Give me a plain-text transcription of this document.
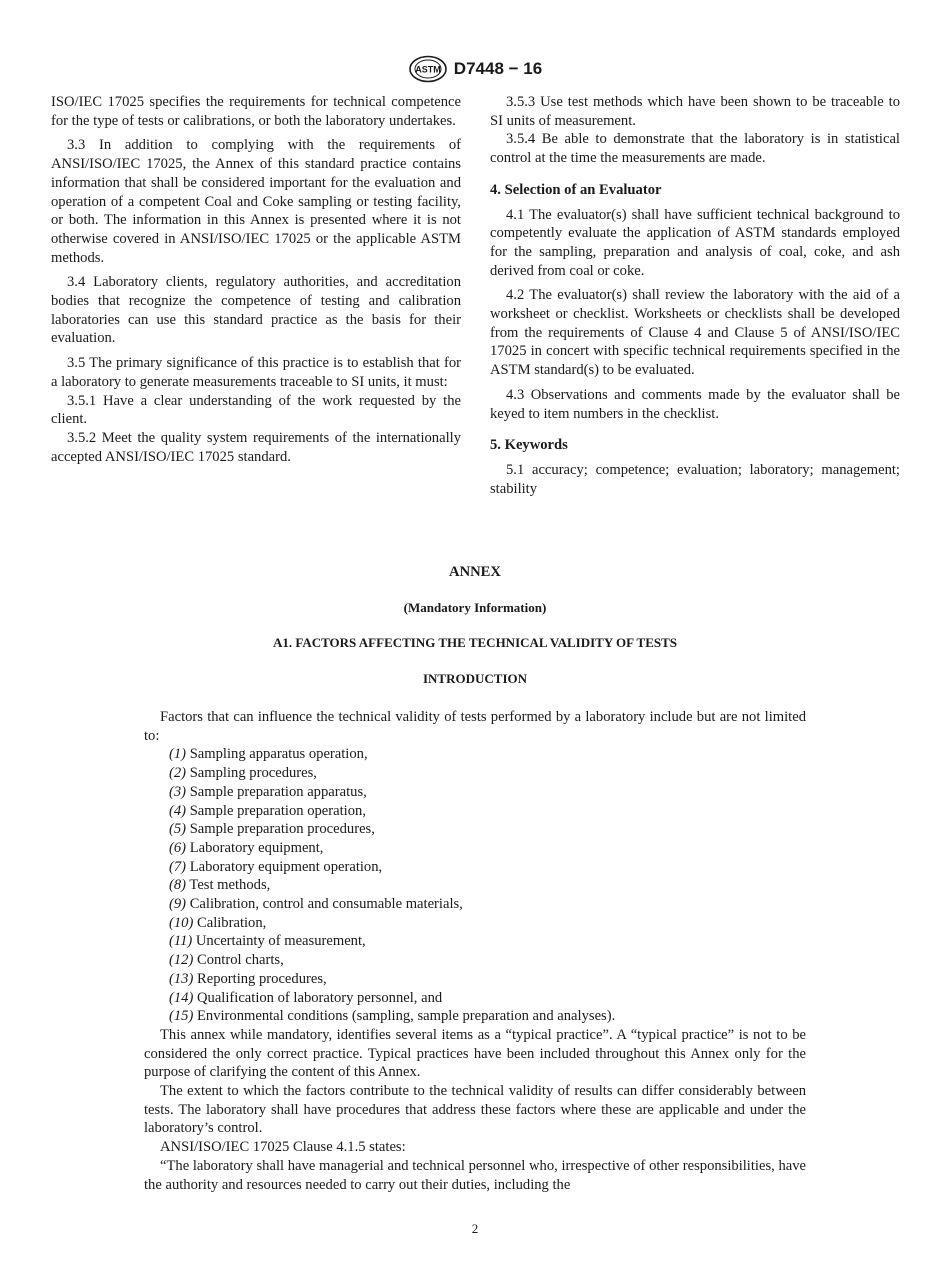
ASTM D7448 − 16

ISO/IEC 17025 specifies the requirements for technical competence for the type of tests or calibrations, or both the laboratory undertakes.

3.3 In addition to complying with the requirements of ANSI/ISO/IEC 17025, the Annex of this standard practice contains information that shall be considered important for the evaluation and operation of a competent Coal and Coke sampling or testing facility, or both. The information in this Annex is presented where it is not otherwise covered in ANSI/ISO/IEC 17025 or the applicable ASTM methods.

3.4 Laboratory clients, regulatory authorities, and accreditation bodies that recognize the competence of testing and calibration laboratories can use this standard practice as the basis for their evaluation.

3.5 The primary significance of this practice is to establish that for a laboratory to generate measurements traceable to SI units, it must:

3.5.1 Have a clear understanding of the work requested by the client.

3.5.2 Meet the quality system requirements of the internationally accepted ANSI/ISO/IEC 17025 standard.

3.5.3 Use test methods which have been shown to be traceable to SI units of measurement.

3.5.4 Be able to demonstrate that the laboratory is in statistical control at the time the measurements are made.

4. Selection of an Evaluator

4.1 The evaluator(s) shall have sufficient technical background to competently evaluate the application of ASTM standards employed for the sampling, preparation and analysis of coal, coke, and ash derived from coal or coke.

4.2 The evaluator(s) shall review the laboratory with the aid of a worksheet or checklist. Worksheets or checklists shall be developed from the requirements of Clause 4 and Clause 5 of ANSI/ISO/IEC 17025 in concert with specific technical requirements specified in the ASTM standard(s) to be evaluated.

4.3 Observations and comments made by the evaluator shall be keyed to item numbers in the checklist.

5. Keywords

5.1 accuracy; competence; evaluation; laboratory; management; stability

ANNEX
(Mandatory Information)
A1. FACTORS AFFECTING THE TECHNICAL VALIDITY OF TESTS
INTRODUCTION

Factors that can influence the technical validity of tests performed by a laboratory include but are not limited to:

(1) Sampling apparatus operation,
(2) Sampling procedures,
(3) Sample preparation apparatus,
(4) Sample preparation operation,
(5) Sample preparation procedures,
(6) Laboratory equipment,
(7) Laboratory equipment operation,
(8) Test methods,
(9) Calibration, control and consumable materials,
(10) Calibration,
(11) Uncertainty of measurement,
(12) Control charts,
(13) Reporting procedures,
(14) Qualification of laboratory personnel, and
(15) Environmental conditions (sampling, sample preparation and analyses).

This annex while mandatory, identifies several items as a “typical practice”. A “typical practice” is not to be considered the only correct practice. Typical practices have been included throughout this Annex only for the purpose of clarifying the content of this Annex.

The extent to which the factors contribute to the technical validity of results can differ considerably between tests. The laboratory shall have procedures that address these factors where these are applicable and under the laboratory’s control.

ANSI/ISO/IEC 17025 Clause 4.1.5 states:

“The laboratory shall have managerial and technical personnel who, irrespective of other responsibilities, have the authority and resources needed to carry out their duties, including the

2
